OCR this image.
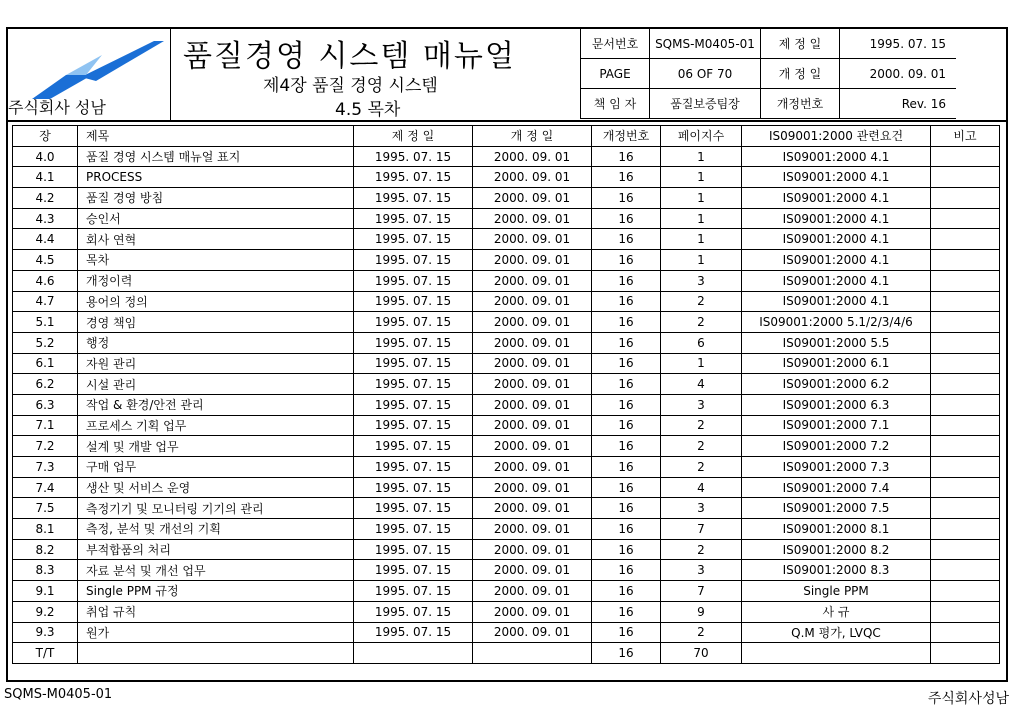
주식회사 성남
품질경영 시스템 매뉴얼
제4장 품질 경영 시스템
4.5 목차
문서번호	SQMS-M0405-01	제 정 일	1995. 07. 15
PAGE	06 OF 70	개 정 일	2000. 09. 01
책 임 자	품질보증팀장	개정번호	Rev. 16
장	제목	제 정 일	개 정 일	개정번호	페이지수	IS09001:2000 관련요건	비고
4.0	품질 경영 시스템 매뉴얼 표지	1995. 07. 15	2000. 09. 01	16	1	IS09001:2000 4.1	
4.1	PROCESS	1995. 07. 15	2000. 09. 01	16	1	IS09001:2000 4.1	
4.2	품질 경영 방침	1995. 07. 15	2000. 09. 01	16	1	IS09001:2000 4.1	
4.3	승인서	1995. 07. 15	2000. 09. 01	16	1	IS09001:2000 4.1	
4.4	회사 연혁	1995. 07. 15	2000. 09. 01	16	1	IS09001:2000 4.1	
4.5	목차	1995. 07. 15	2000. 09. 01	16	1	IS09001:2000 4.1	
4.6	개정이력	1995. 07. 15	2000. 09. 01	16	3	IS09001:2000 4.1	
4.7	용어의 정의	1995. 07. 15	2000. 09. 01	16	2	IS09001:2000 4.1	
5.1	경영 책임	1995. 07. 15	2000. 09. 01	16	2	IS09001:2000 5.1/2/3/4/6	
5.2	행정	1995. 07. 15	2000. 09. 01	16	6	IS09001:2000 5.5	
6.1	자원 관리	1995. 07. 15	2000. 09. 01	16	1	IS09001:2000 6.1	
6.2	시설 관리	1995. 07. 15	2000. 09. 01	16	4	IS09001:2000 6.2	
6.3	작업 & 환경/안전 관리	1995. 07. 15	2000. 09. 01	16	3	IS09001:2000 6.3	
7.1	프로세스 기획 업무	1995. 07. 15	2000. 09. 01	16	2	IS09001:2000 7.1	
7.2	설계 및 개발 업무	1995. 07. 15	2000. 09. 01	16	2	IS09001:2000 7.2	
7.3	구매 업무	1995. 07. 15	2000. 09. 01	16	2	IS09001:2000 7.3	
7.4	생산 및 서비스 운영	1995. 07. 15	2000. 09. 01	16	4	IS09001:2000 7.4	
7.5	측정기기 및 모니터링 기기의 관리	1995. 07. 15	2000. 09. 01	16	3	IS09001:2000 7.5	
8.1	측정, 분석 및 개선의 기획	1995. 07. 15	2000. 09. 01	16	7	IS09001:2000 8.1	
8.2	부적합품의 처리	1995. 07. 15	2000. 09. 01	16	2	IS09001:2000 8.2	
8.3	자료 분석 및 개선 업무	1995. 07. 15	2000. 09. 01	16	3	IS09001:2000 8.3	
9.1	Single PPM 규정	1995. 07. 15	2000. 09. 01	16	7	Single PPM	
9.2	취업 규칙	1995. 07. 15	2000. 09. 01	16	9	사 규	
9.3	원가	1995. 07. 15	2000. 09. 01	16	2	Q.M 평가, LVQC	
T/T				16	70		
SQMS-M0405-01	주식회사성남
